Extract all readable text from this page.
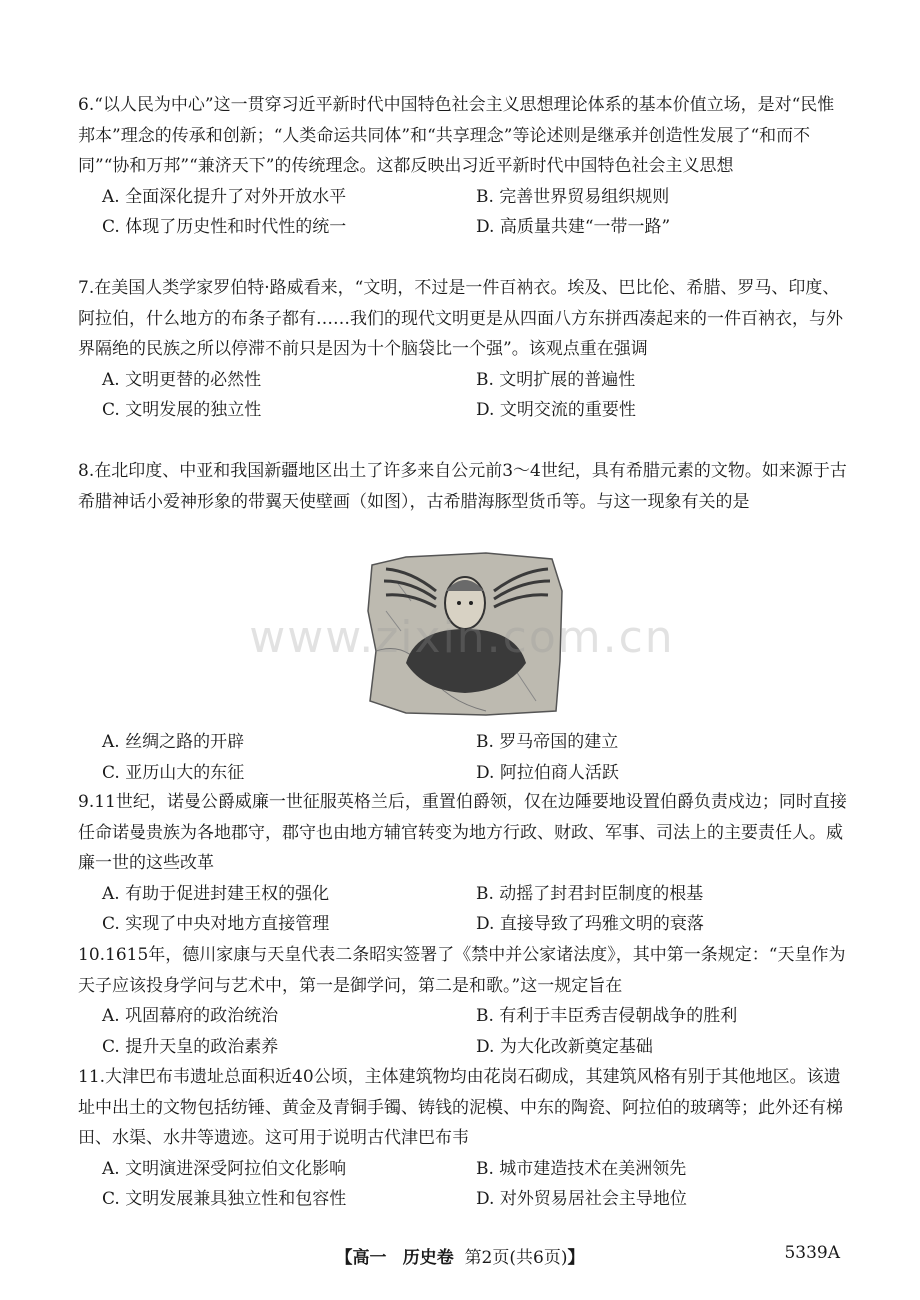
6.“以人民为中心”这一贯穿习近平新时代中国特色社会主义思想理论体系的基本价值立场，是对“民惟邦本”理念的传承和创新；“人类命运共同体”和“共享理念”等论述则是继承并创造性发展了“和而不同”“协和万邦”“兼济天下”的传统理念。这都反映出习近平新时代中国特色社会主义思想
A. 全面深化提升了对外开放水平	B. 完善世界贸易组织规则
C. 体现了历史性和时代性的统一	D. 高质量共建“一带一路”
7.在美国人类学家罗伯特·路威看来，“文明，不过是一件百衲衣。埃及、巴比伦、希腊、罗马、印度、阿拉伯，什么地方的布条子都有……我们的现代文明更是从四面八方东拼西凑起来的一件百衲衣，与外界隔绝的民族之所以停滞不前只是因为十个脑袋比一个强”。该观点重在强调
A. 文明更替的必然性	B. 文明扩展的普遍性
C. 文明发展的独立性	D. 文明交流的重要性
8.在北印度、中亚和我国新疆地区出土了许多来自公元前3～4世纪，具有希腊元素的文物。如来源于古希腊神话小爱神形象的带翼天使壁画（如图），古希腊海豚型货币等。与这一现象有关的是
www.zixin.com.cn
A. 丝绸之路的开辟	B. 罗马帝国的建立
C. 亚历山大的东征	D. 阿拉伯商人活跃
9.11世纪，诺曼公爵威廉一世征服英格兰后，重置伯爵领，仅在边陲要地设置伯爵负责戍边；同时直接任命诺曼贵族为各地郡守，郡守也由地方辅官转变为地方行政、财政、军事、司法上的主要责任人。威廉一世的这些改革
A. 有助于促进封建王权的强化	B. 动摇了封君封臣制度的根基
C. 实现了中央对地方直接管理	D. 直接导致了玛雅文明的衰落
10.1615年，德川家康与天皇代表二条昭实签署了《禁中并公家诸法度》，其中第一条规定：“天皇作为天子应该投身学问与艺术中，第一是御学问，第二是和歌。”这一规定旨在
A. 巩固幕府的政治统治	B. 有利于丰臣秀吉侵朝战争的胜利
C. 提升天皇的政治素养	D. 为大化改新奠定基础
11.大津巴布韦遗址总面积近40公顷，主体建筑物均由花岗石砌成，其建筑风格有别于其他地区。该遗址中出土的文物包括纺锤、黄金及青铜手镯、铸钱的泥模、中东的陶瓷、阿拉伯的玻璃等；此外还有梯田、水渠、水井等遗迹。这可用于说明古代津巴布韦
A. 文明演进深受阿拉伯文化影响	B. 城市建造技术在美洲领先
C. 文明发展兼具独立性和包容性	D. 对外贸易居社会主导地位
【高一 历史卷 第2页(共6页)】	5339A
